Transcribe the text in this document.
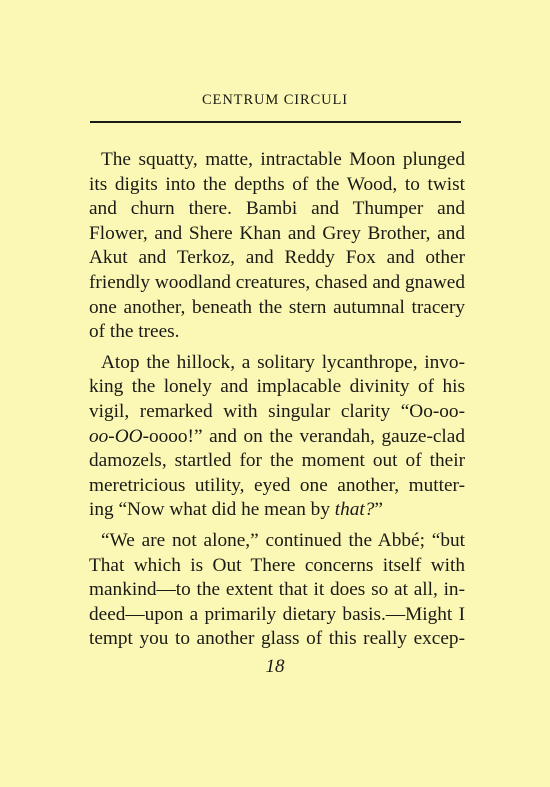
CENTRUM CIRCULI

The squatty, matte, intractable Moon plunged
its digits into the depths of the Wood, to twist
and churn there. Bambi and Thumper and
Flower, and Shere Khan and Grey Brother, and
Akut and Terkoz, and Reddy Fox and other
friendly woodland creatures, chased and gnawed
one another, beneath the stern autumnal tracery
of the trees.

Atop the hillock, a solitary lycanthrope, invo-
king the lonely and implacable divinity of his
vigil, remarked with singular clarity “Oo-oo-
oo-OO-oooo!” and on the verandah, gauze-clad
damozels, startled for the moment out of their
meretricious utility, eyed one another, mutter-
ing “Now what did he mean by that?”

“We are not alone,” continued the Abbé; “but
That which is Out There concerns itself with
mankind—to the extent that it does so at all, in-
deed—upon a primarily dietary basis.—Might I
tempt you to another glass of this really excep-

18
